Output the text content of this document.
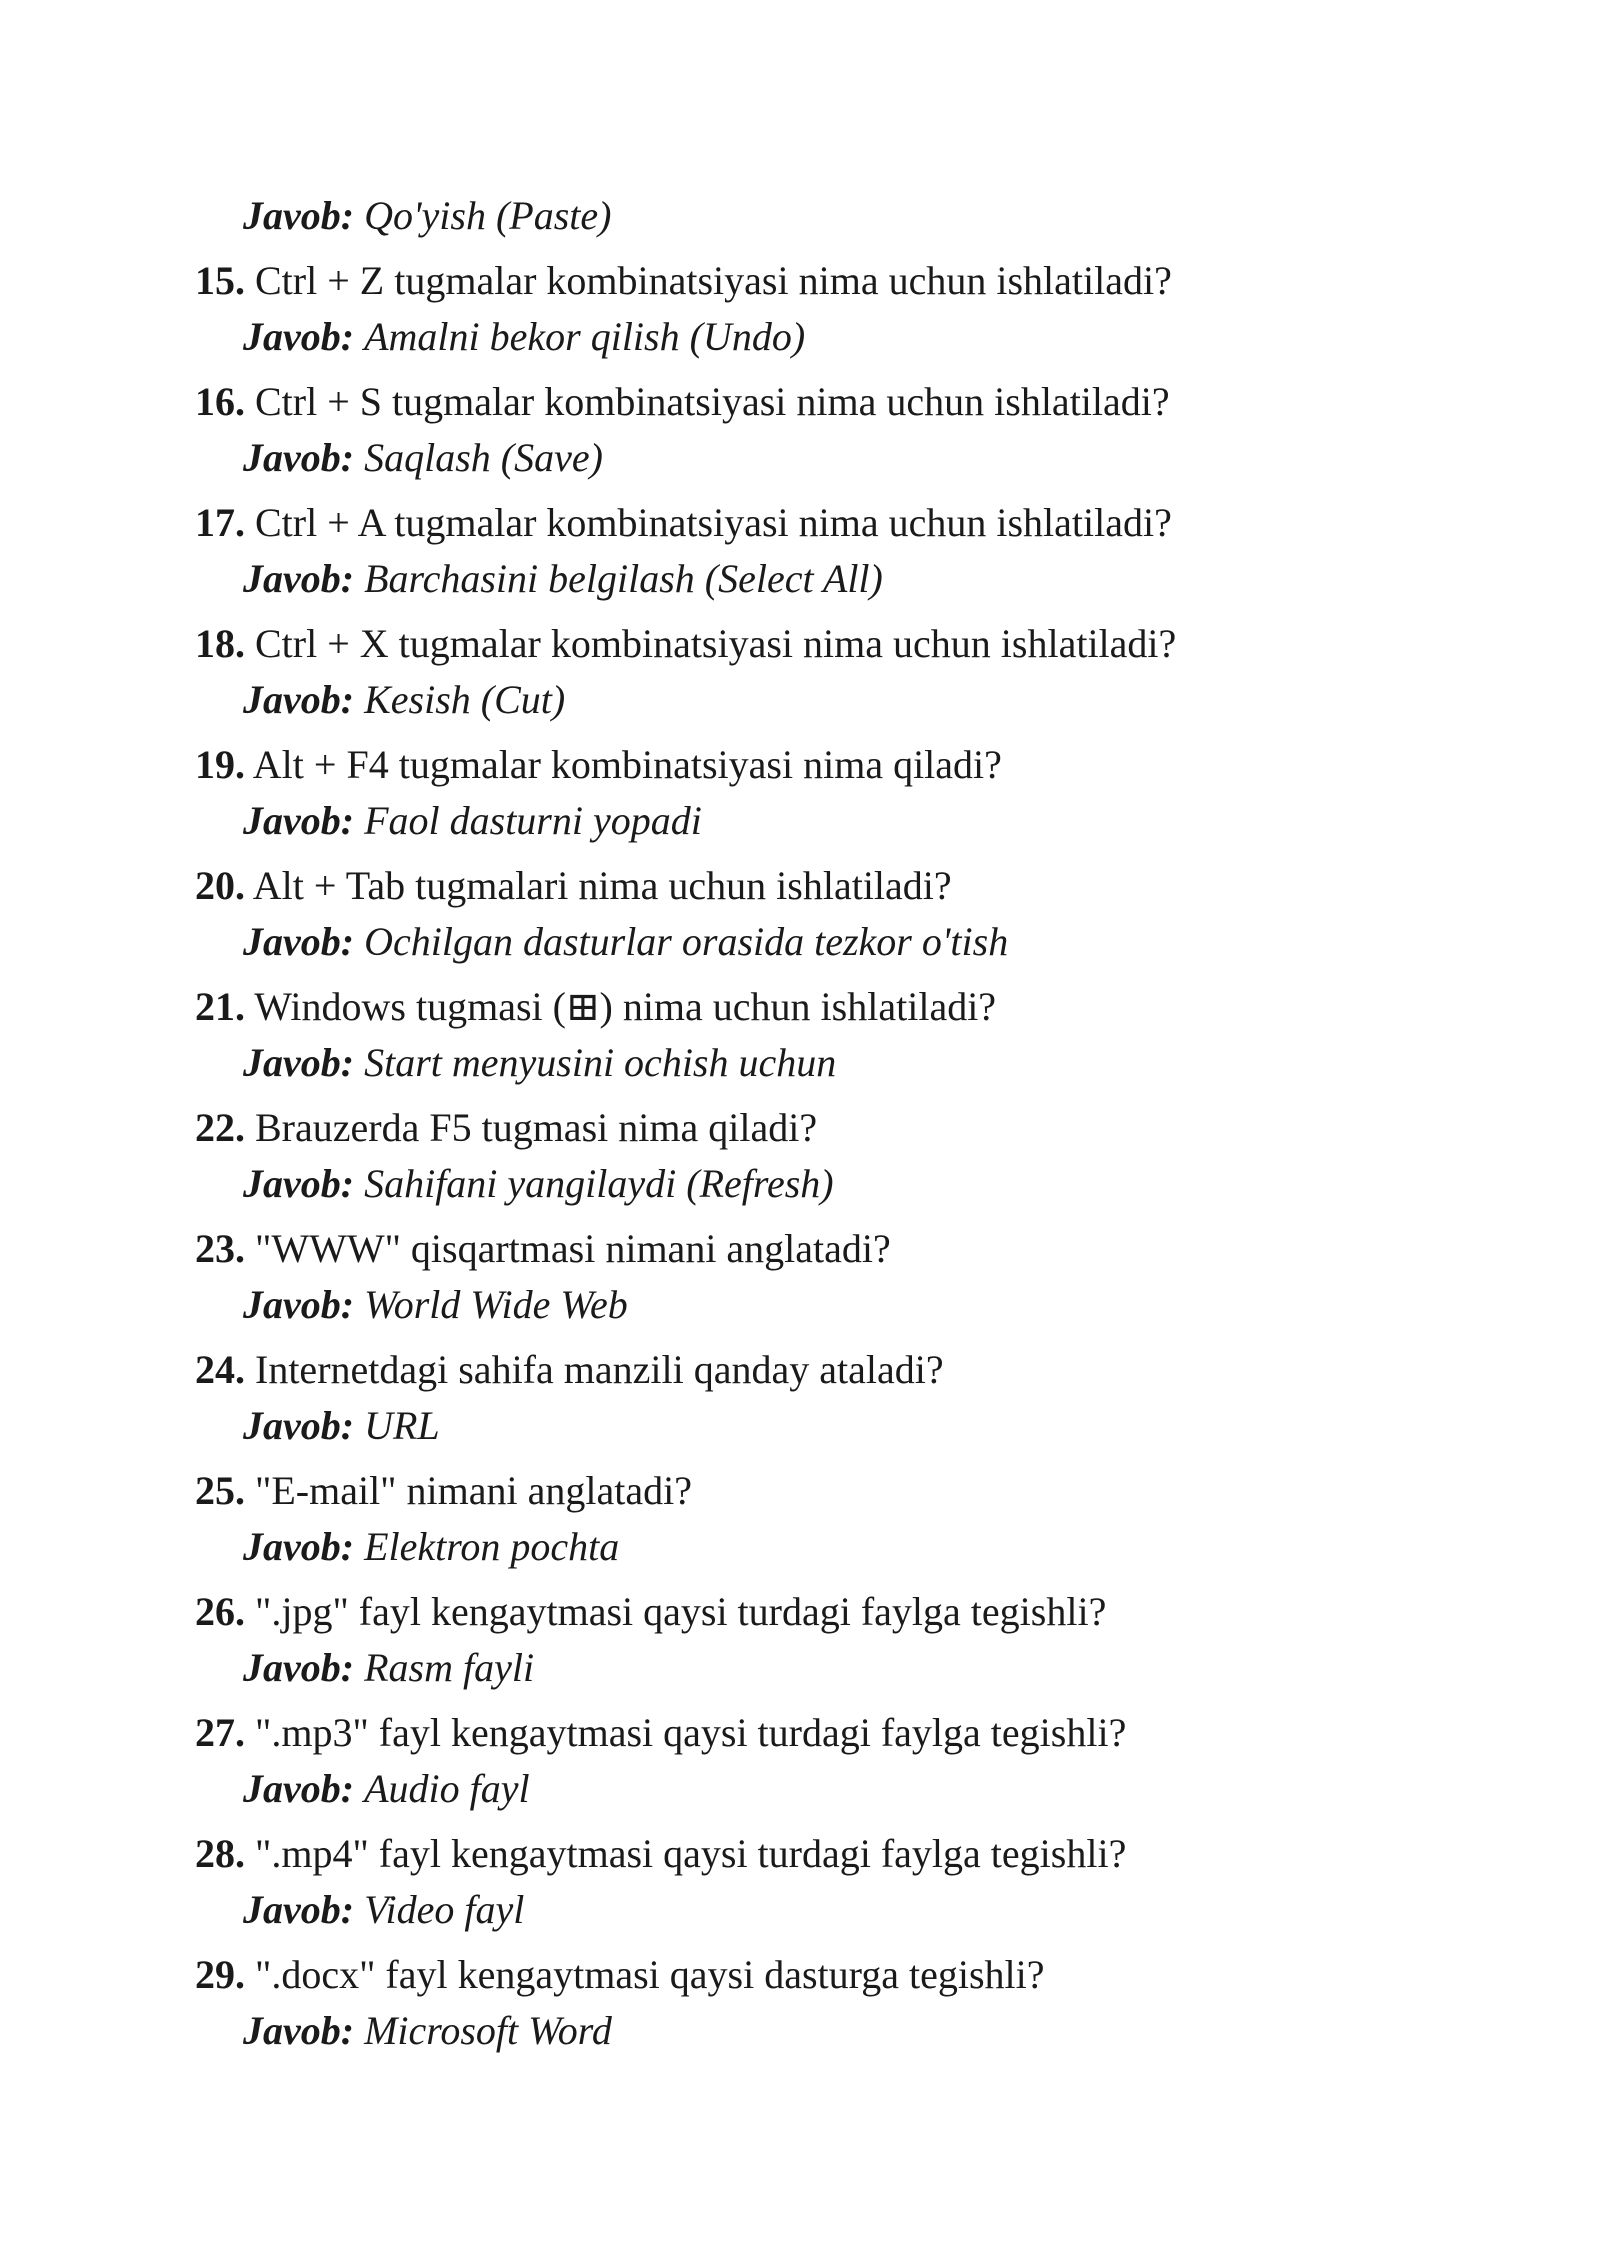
Javob: Qo'yish (Paste)
15. Ctrl + Z tugmalar kombinatsiyasi nima uchun ishlatiladi?
Javob: Amalni bekor qilish (Undo)
16. Ctrl + S tugmalar kombinatsiyasi nima uchun ishlatiladi?
Javob: Saqlash (Save)
17. Ctrl + A tugmalar kombinatsiyasi nima uchun ishlatiladi?
Javob: Barchasini belgilash (Select All)
18. Ctrl + X tugmalar kombinatsiyasi nima uchun ishlatiladi?
Javob: Kesish (Cut)
19. Alt + F4 tugmalar kombinatsiyasi nima qiladi?
Javob: Faol dasturni yopadi
20. Alt + Tab tugmalari nima uchun ishlatiladi?
Javob: Ochilgan dasturlar orasida tezkor o'tish
21. Windows tugmasi (⊞) nima uchun ishlatiladi?
Javob: Start menyusini ochish uchun
22. Brauzerda F5 tugmasi nima qiladi?
Javob: Sahifani yangilaydi (Refresh)
23. "WWW" qisqartmasi nimani anglatadi?
Javob: World Wide Web
24. Internetdagi sahifa manzili qanday ataladi?
Javob: URL
25. "E-mail" nimani anglatadi?
Javob: Elektron pochta
26. ".jpg" fayl kengaytmasi qaysi turdagi faylga tegishli?
Javob: Rasm fayli
27. ".mp3" fayl kengaytmasi qaysi turdagi faylga tegishli?
Javob: Audio fayl
28. ".mp4" fayl kengaytmasi qaysi turdagi faylga tegishli?
Javob: Video fayl
29. ".docx" fayl kengaytmasi qaysi dasturga tegishli?
Javob: Microsoft Word
